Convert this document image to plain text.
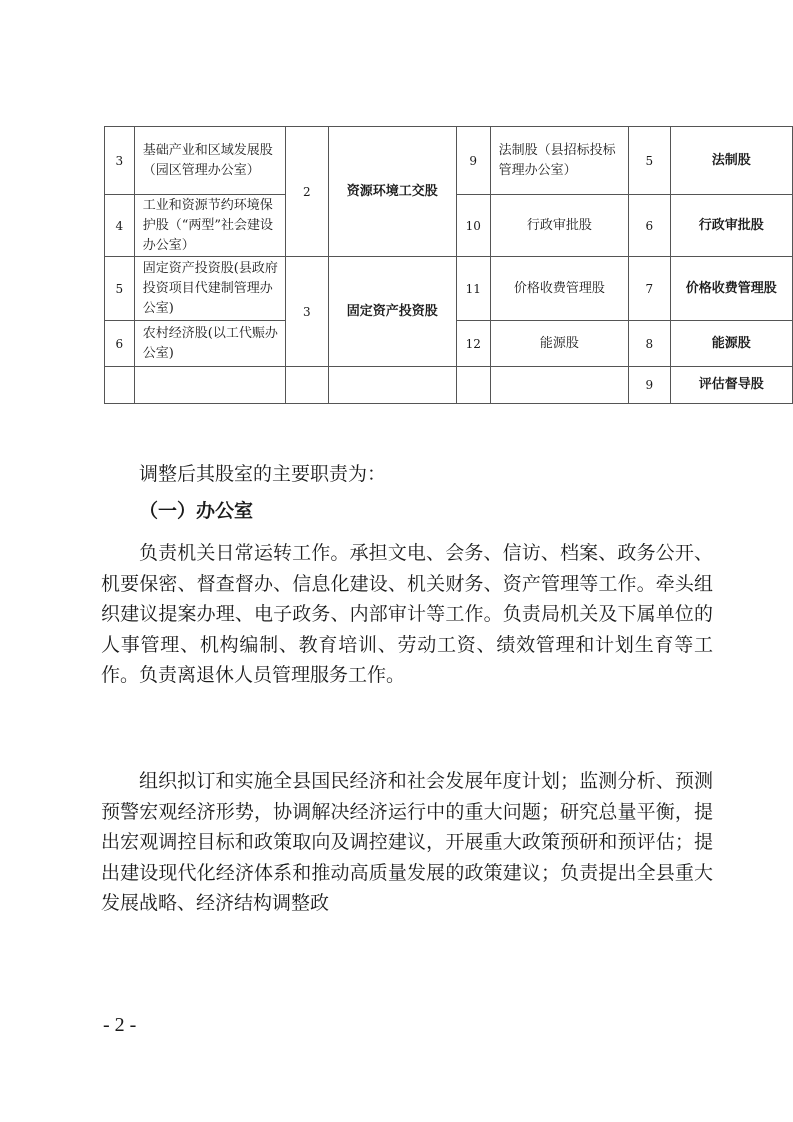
3	基础产业和区域发展股（园区管理办公室）	2	资源环境工交股	9	法制股（县招标投标管理办公室）	5	法制股
4	工业和资源节约环境保护股（“两型”社会建设办公室）			10	行政审批股	6	行政审批股
5	固定资产投资股(县政府投资项目代建制管理办公室)	3	固定资产投资股	11	价格收费管理股	7	价格收费管理股
6	农村经济股(以工代赈办公室)			12	能源股	8	能源股
						9	评估督导股
调整后其股室的主要职责为：
（一）办公室
负责机关日常运转工作。承担文电、会务、信访、档案、政务公开、机要保密、督查督办、信息化建设、机关财务、资产管理等工作。牵头组织建议提案办理、电子政务、内部审计等工作。负责局机关及下属单位的人事管理、机构编制、教育培训、劳动工资、绩效管理和计划生育等工作。负责离退休人员管理服务工作。
组织拟订和实施全县国民经济和社会发展年度计划；监测分析、预测预警宏观经济形势，协调解决经济运行中的重大问题；研究总量平衡，提出宏观调控目标和政策取向及调控建议，开展重大政策预研和预评估；提出建设现代化经济体系和推动高质量发展的政策建议；负责提出全县重大发展战略、经济结构调整政
- 2 -
